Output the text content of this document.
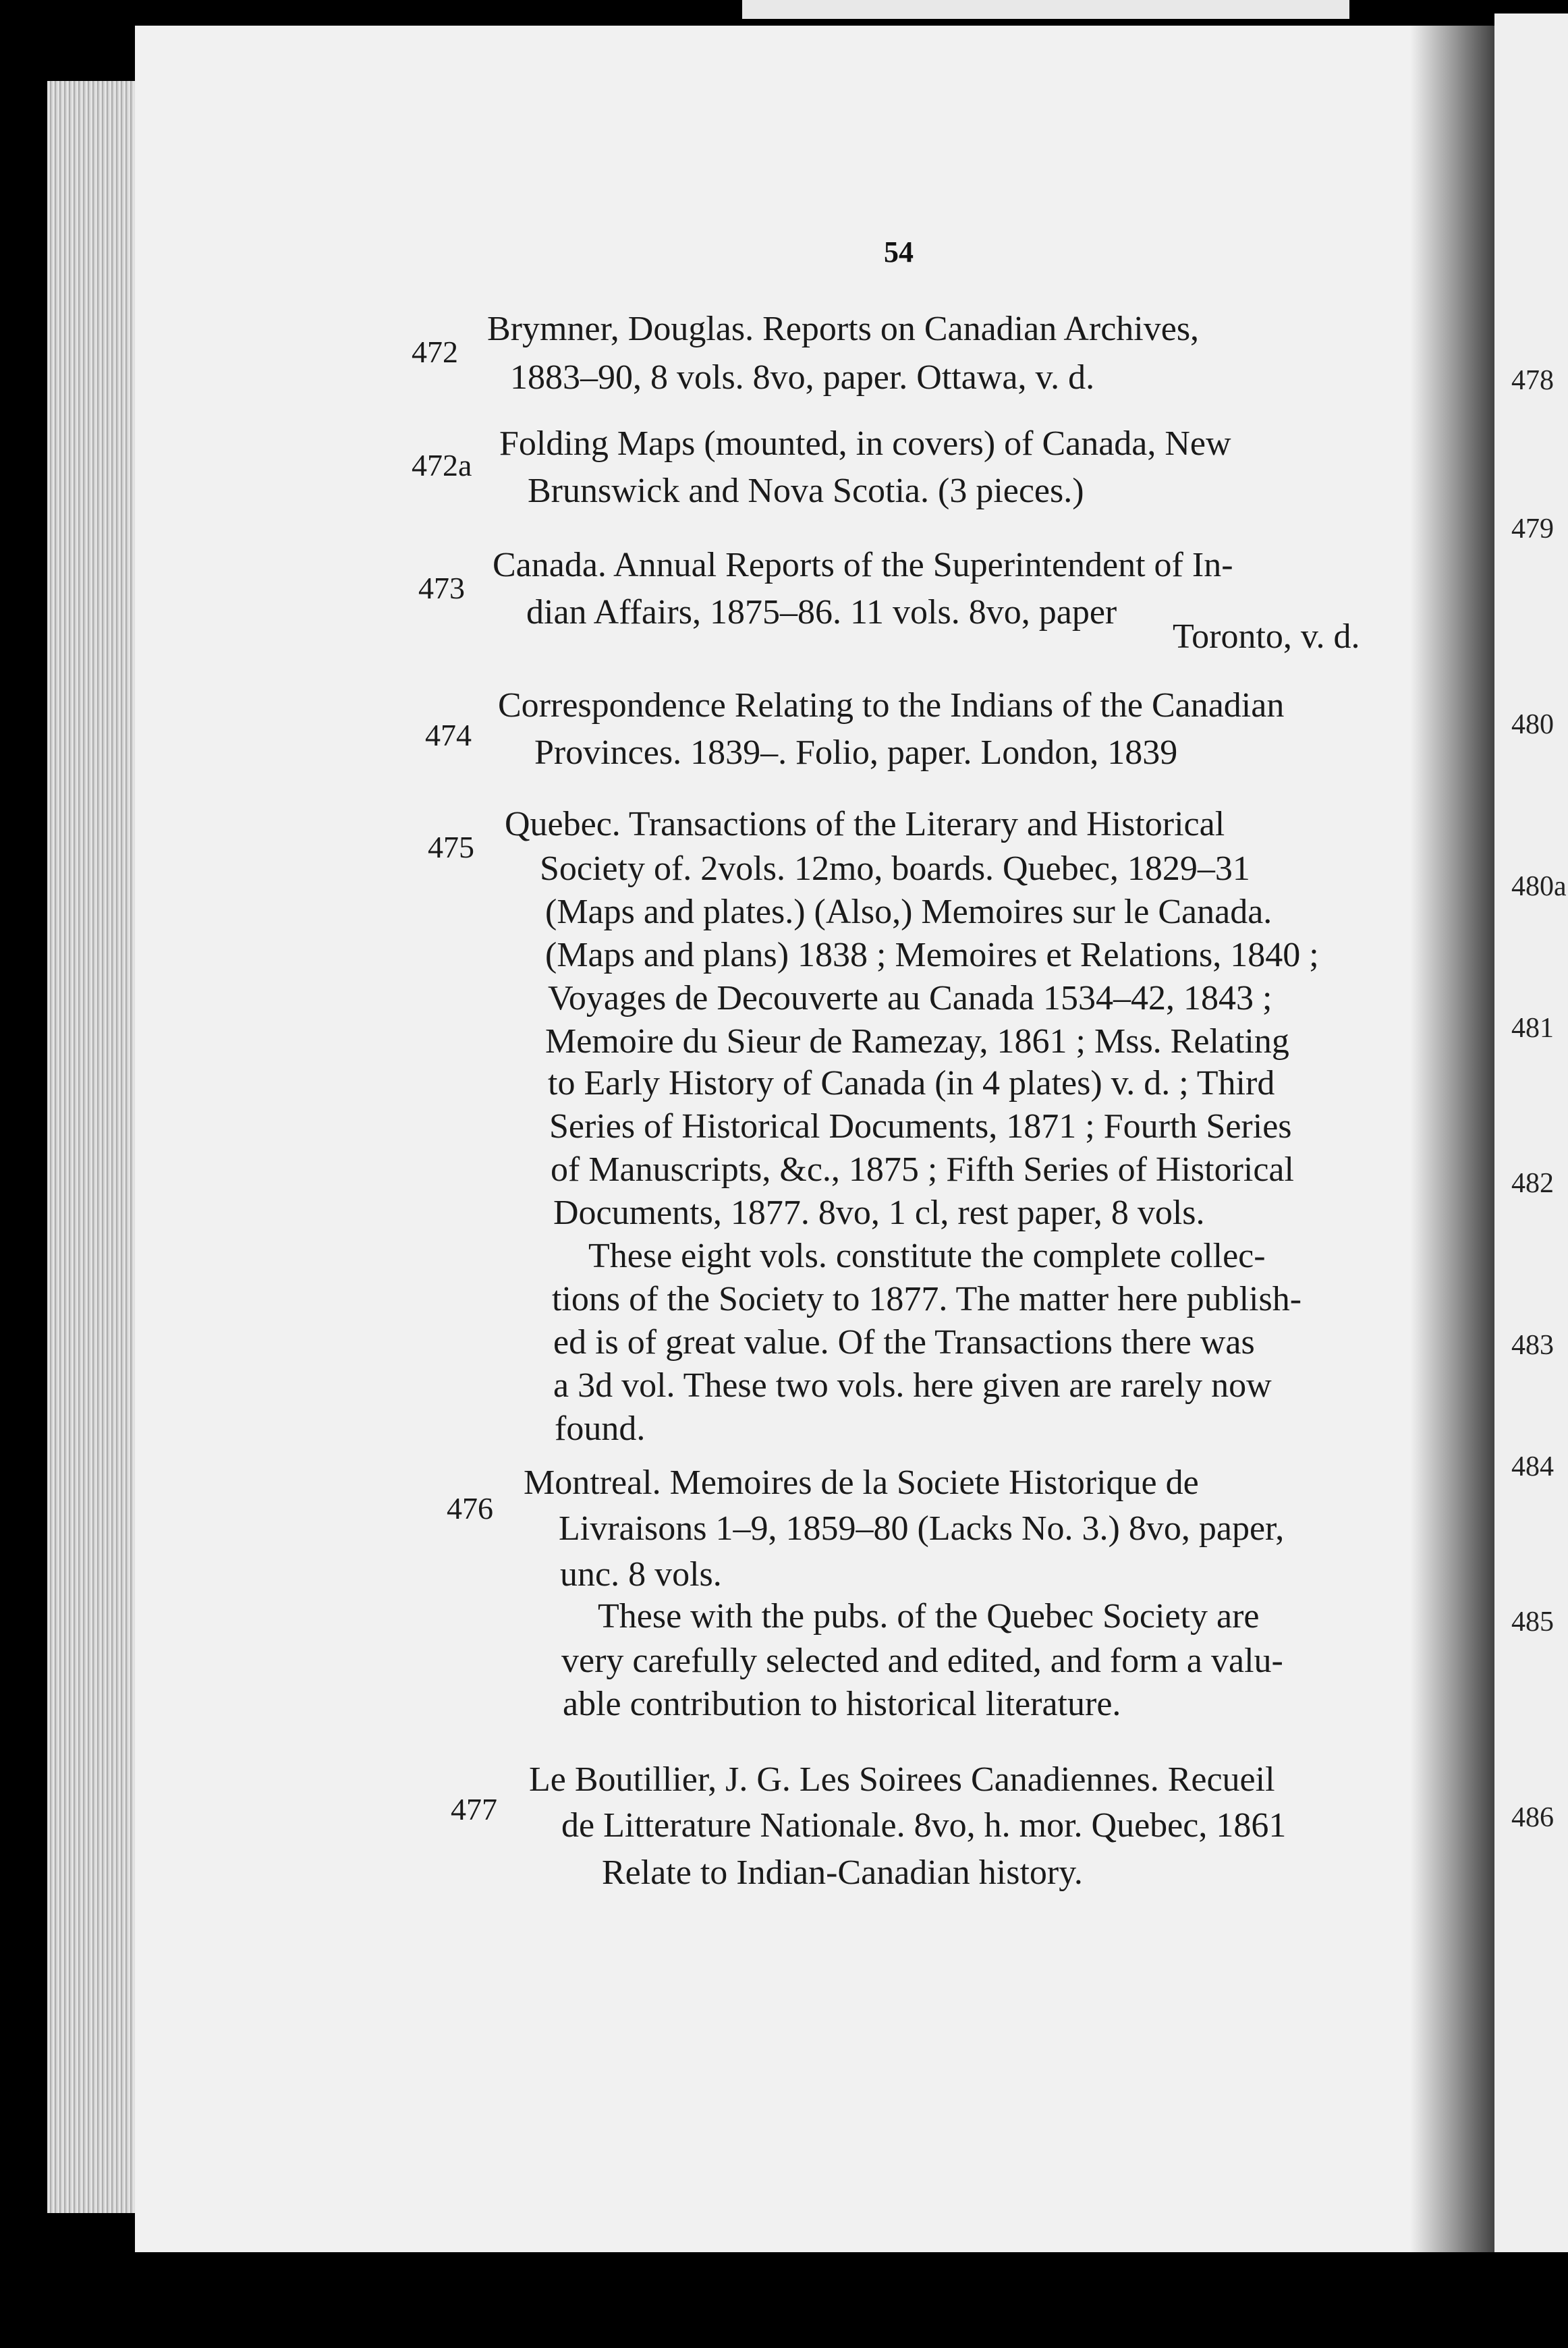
54
472
Brymner, Douglas. Reports on Canadian Archives,
1883–90, 8 vols. 8vo, paper. Ottawa, v. d.
472a
Folding Maps (mounted, in covers) of Canada, New
Brunswick and Nova Scotia. (3 pieces.)
473
Canada. Annual Reports of the Superintendent of In-
dian Affairs, 1875–86. 11 vols. 8vo, paper
Toronto, v. d.
474
Correspondence Relating to the Indians of the Canadian
Provinces. 1839–. Folio, paper. London, 1839
475
Quebec. Transactions of the Literary and Historical
Society of. 2vols. 12mo, boards. Quebec, 1829–31
(Maps and plates.) (Also,) Memoires sur le Canada.
(Maps and plans) 1838 ; Memoires et Relations, 1840 ;
Voyages de Decouverte au Canada 1534–42, 1843 ;
Memoire du Sieur de Ramezay, 1861 ; Mss. Relating
to Early History of Canada (in 4 plates) v. d. ; Third
Series of Historical Documents, 1871 ; Fourth Series
of Manuscripts, &c., 1875 ; Fifth Series of Historical
Documents, 1877. 8vo, 1 cl, rest paper, 8 vols.
These eight vols. constitute the complete collec-
tions of the Society to 1877. The matter here publish-
ed is of great value. Of the Transactions there was
a 3d vol. These two vols. here given are rarely now
found.
476
Montreal. Memoires de la Societe Historique de
Livraisons 1–9, 1859–80 (Lacks No. 3.) 8vo, paper,
unc. 8 vols.
These with the pubs. of the Quebec Society are
very carefully selected and edited, and form a valu-
able contribution to historical literature.
477
Le Boutillier, J. G. Les Soirees Canadiennes. Recueil
de Litterature Nationale. 8vo, h. mor. Quebec, 1861
Relate to Indian-Canadian history.
478
479
480
480a
481
482
483
484
485
486
